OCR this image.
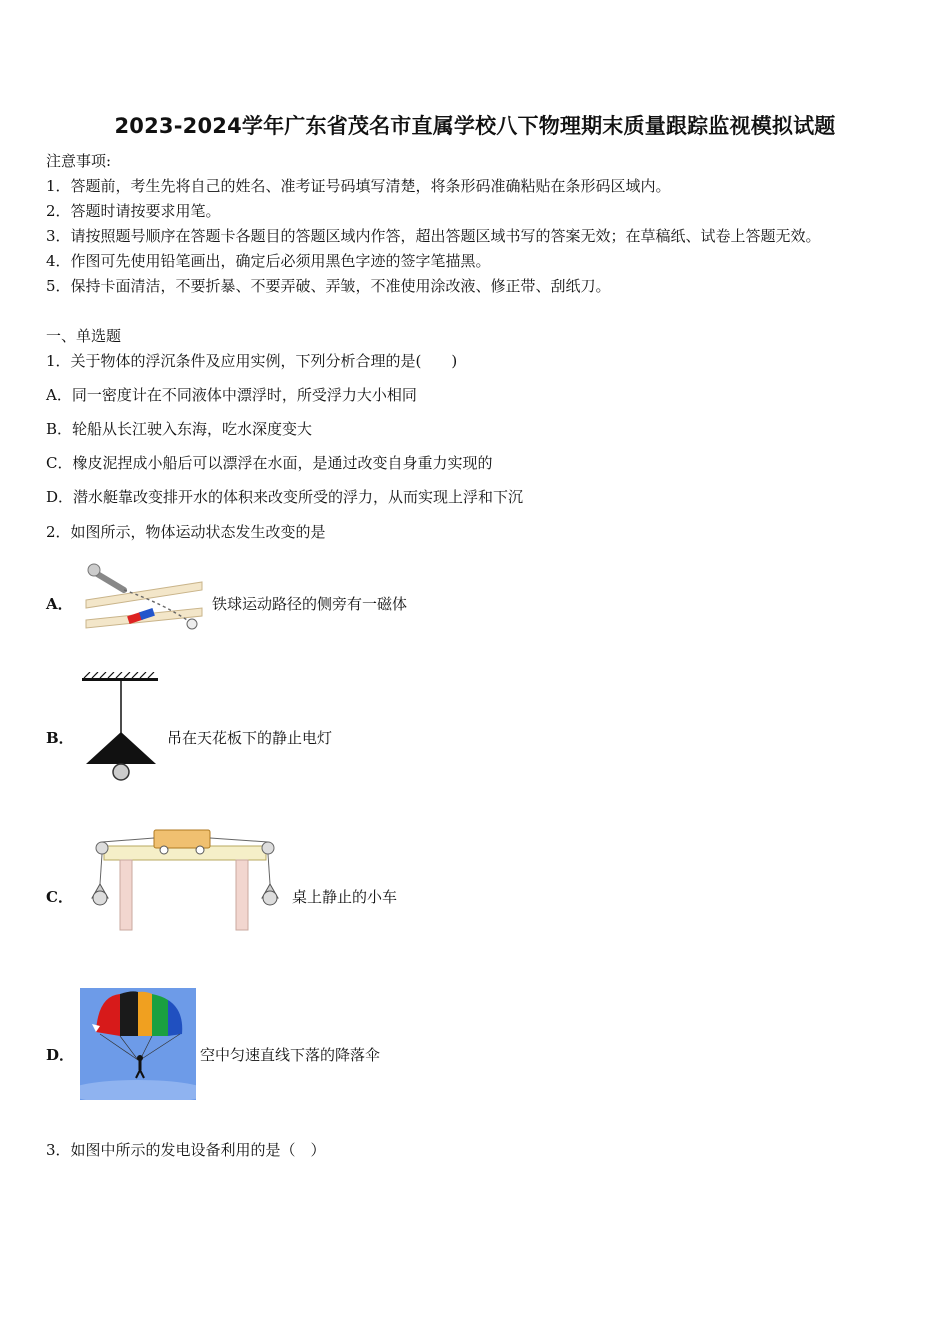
2023-2024学年广东省茂名市直属学校八下物理期末质量跟踪监视模拟试题
注意事项:
1．答题前，考生先将自己的姓名、准考证号码填写清楚，将条形码准确粘贴在条形码区域内。
2．答题时请按要求用笔。
3．请按照题号顺序在答题卡各题目的答题区域内作答，超出答题区域书写的答案无效；在草稿纸、试卷上答题无效。
4．作图可先使用铅笔画出，确定后必须用黑色字迹的签字笔描黑。
5．保持卡面清洁，不要折暴、不要弄破、弄皱，不准使用涂改液、修正带、刮纸刀。
一、单选题
1．关于物体的浮沉条件及应用实例，下列分析合理的是(　　)
A．同一密度计在不同液体中漂浮时，所受浮力大小相同
B．轮船从长江驶入东海，吃水深度变大
C．橡皮泥捏成小船后可以漂浮在水面，是通过改变自身重力实现的
D．潜水艇靠改变排开水的体积来改变所受的浮力，从而实现上浮和下沉
2．如图所示，物体运动状态发生改变的是
A．	铁球运动路径的侧旁有一磁体
B．	吊在天花板下的静止电灯
C．	桌上静止的小车
D．	空中匀速直线下落的降落伞
3．如图中所示的发电设备利用的是（　）
